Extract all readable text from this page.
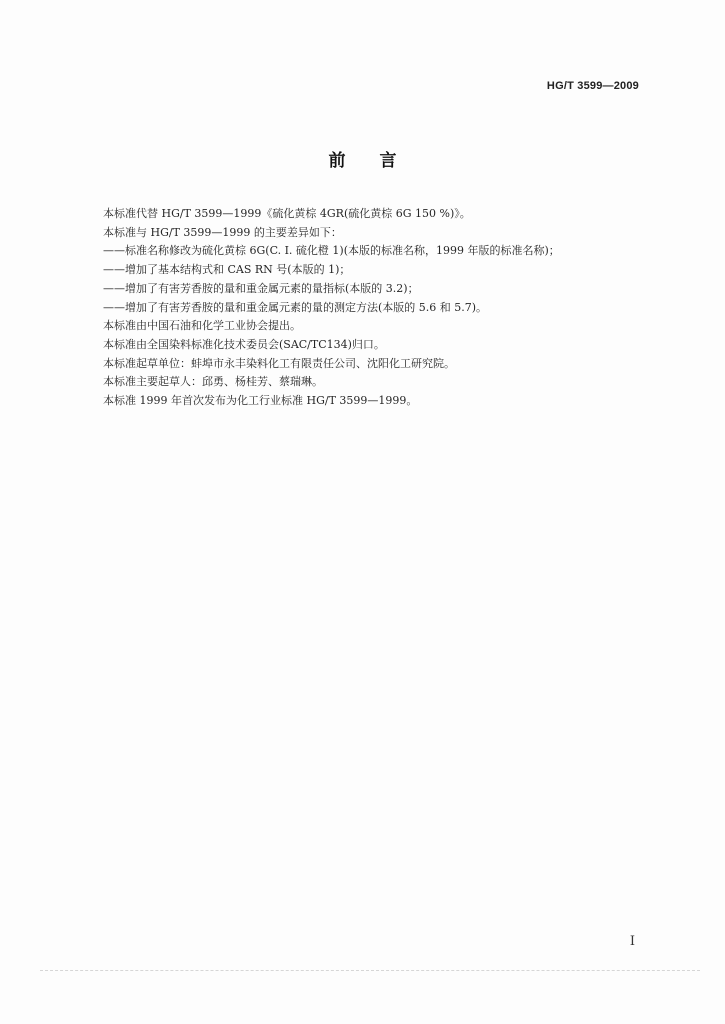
HG/T 3599—2009
前言

本标准代替 HG/T 3599—1999《硫化黄棕 4GR(硫化黄棕 6G 150 %)》。

本标准与 HG/T 3599—1999 的主要差异如下：

——标准名称修改为硫化黄棕 6G(C. I. 硫化橙 1)(本版的标准名称，1999 年版的标准名称)；

——增加了基本结构式和 CAS RN 号(本版的 1)；

——增加了有害芳香胺的量和重金属元素的量指标(本版的 3.2)；

——增加了有害芳香胺的量和重金属元素的量的测定方法(本版的 5.6 和 5.7)。

本标准由中国石油和化学工业协会提出。

本标准由全国染料标准化技术委员会(SAC/TC134)归口。

本标准起草单位：蚌埠市永丰染料化工有限责任公司、沈阳化工研究院。

本标准主要起草人：邱勇、杨桂芳、蔡瑞琳。

本标准 1999 年首次发布为化工行业标准 HG/T 3599—1999。

I
